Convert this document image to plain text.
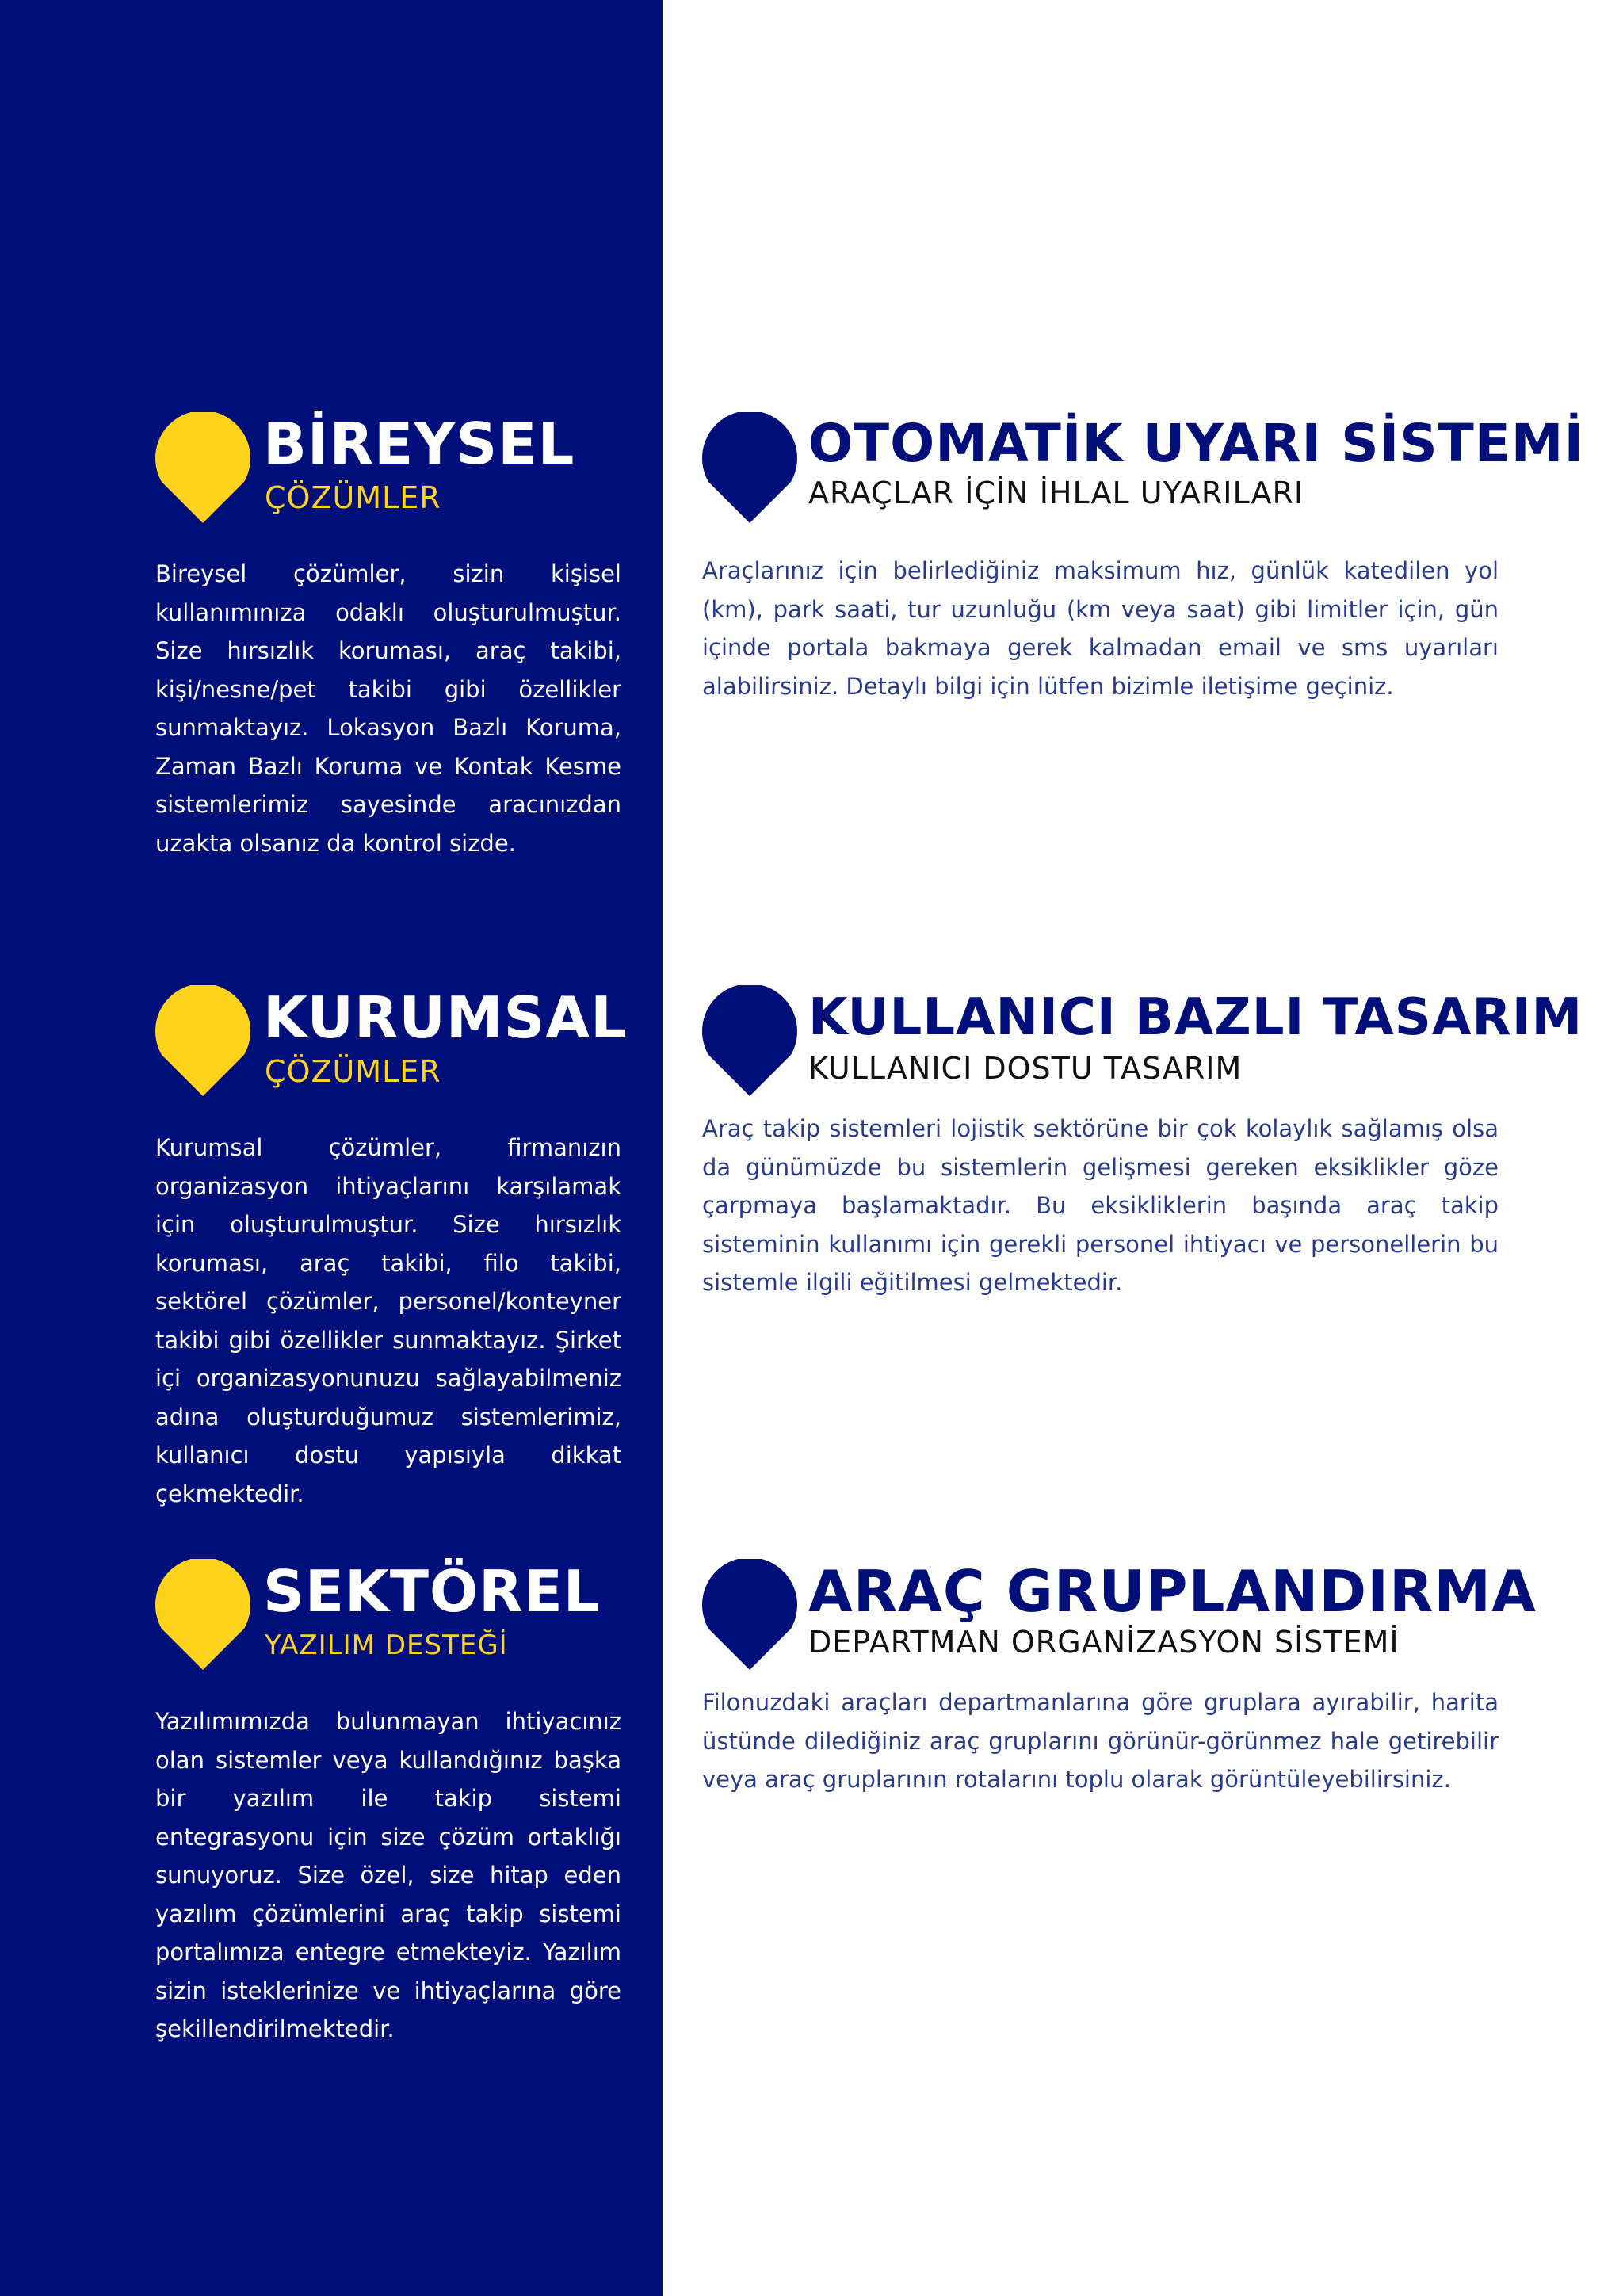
BİREYSEL
ÇÖZÜMLER

Bireysel çözümler, sizin kişisel kullanımınıza odaklı oluşturulmuştur. Size hırsızlık koruması, araç takibi, kişi/nesne/pet takibi gibi özellikler sunmaktayız. Lokasyon Bazlı Koruma, Zaman Bazlı Koruma ve Kontak Kesme sistemlerimiz sayesinde aracınızdan uzakta olsanız da kontrol sizde.

KURUMSAL
ÇÖZÜMLER

Kurumsal çözümler, firmanızın organizasyon ihtiyaçlarını karşılamak için oluşturulmuştur. Size hırsızlık koruması, araç takibi, filo takibi, sektörel çözümler, personel/konteyner takibi gibi özellikler sunmaktayız. Şirket içi organizasyonunuzu sağlayabilmeniz adına oluşturduğumuz sistemlerimiz, kullanıcı dostu yapısıyla dikkat çekmektedir.

SEKTÖREL
YAZILIM DESTEĞİ

Yazılımımızda bulunmayan ihtiyacınız olan sistemler veya kullandığınız başka bir yazılım ile takip sistemi entegrasyonu için size çözüm ortaklığı sunuyoruz. Size özel, size hitap eden yazılım çözümlerini araç takip sistemi portalımıza entegre etmekteyiz. Yazılım sizin isteklerinize ve ihtiyaçlarına göre şekillendirilmektedir.

OTOMATİK UYARI SİSTEMİ
ARAÇLAR İÇİN İHLAL UYARILARI

Araçlarınız için belirlediğiniz maksimum hız, günlük katedilen yol (km), park saati, tur uzunluğu (km veya saat) gibi limitler için, gün içinde portala bakmaya gerek kalmadan email ve sms uyarıları alabilirsiniz. Detaylı bilgi için lütfen bizimle iletişime geçiniz.

KULLANICI BAZLI TASARIM
KULLANICI DOSTU TASARIM

Araç takip sistemleri lojistik sektörüne bir çok kolaylık sağlamış olsa da günümüzde bu sistemlerin gelişmesi gereken eksiklikler göze çarpmaya başlamaktadır. Bu eksikliklerin başında araç takip sisteminin kullanımı için gerekli personel ihtiyacı ve personellerin bu sistemle ilgili eğitilmesi gelmektedir.

ARAÇ GRUPLANDIRMA
DEPARTMAN ORGANİZASYON SİSTEMİ

Filonuzdaki araçları departmanlarına göre gruplara ayırabilir, harita üstünde dilediğiniz araç gruplarını görünür-görünmez hale getirebilir veya araç gruplarının rotalarını toplu olarak görüntüleyebilirsiniz.
